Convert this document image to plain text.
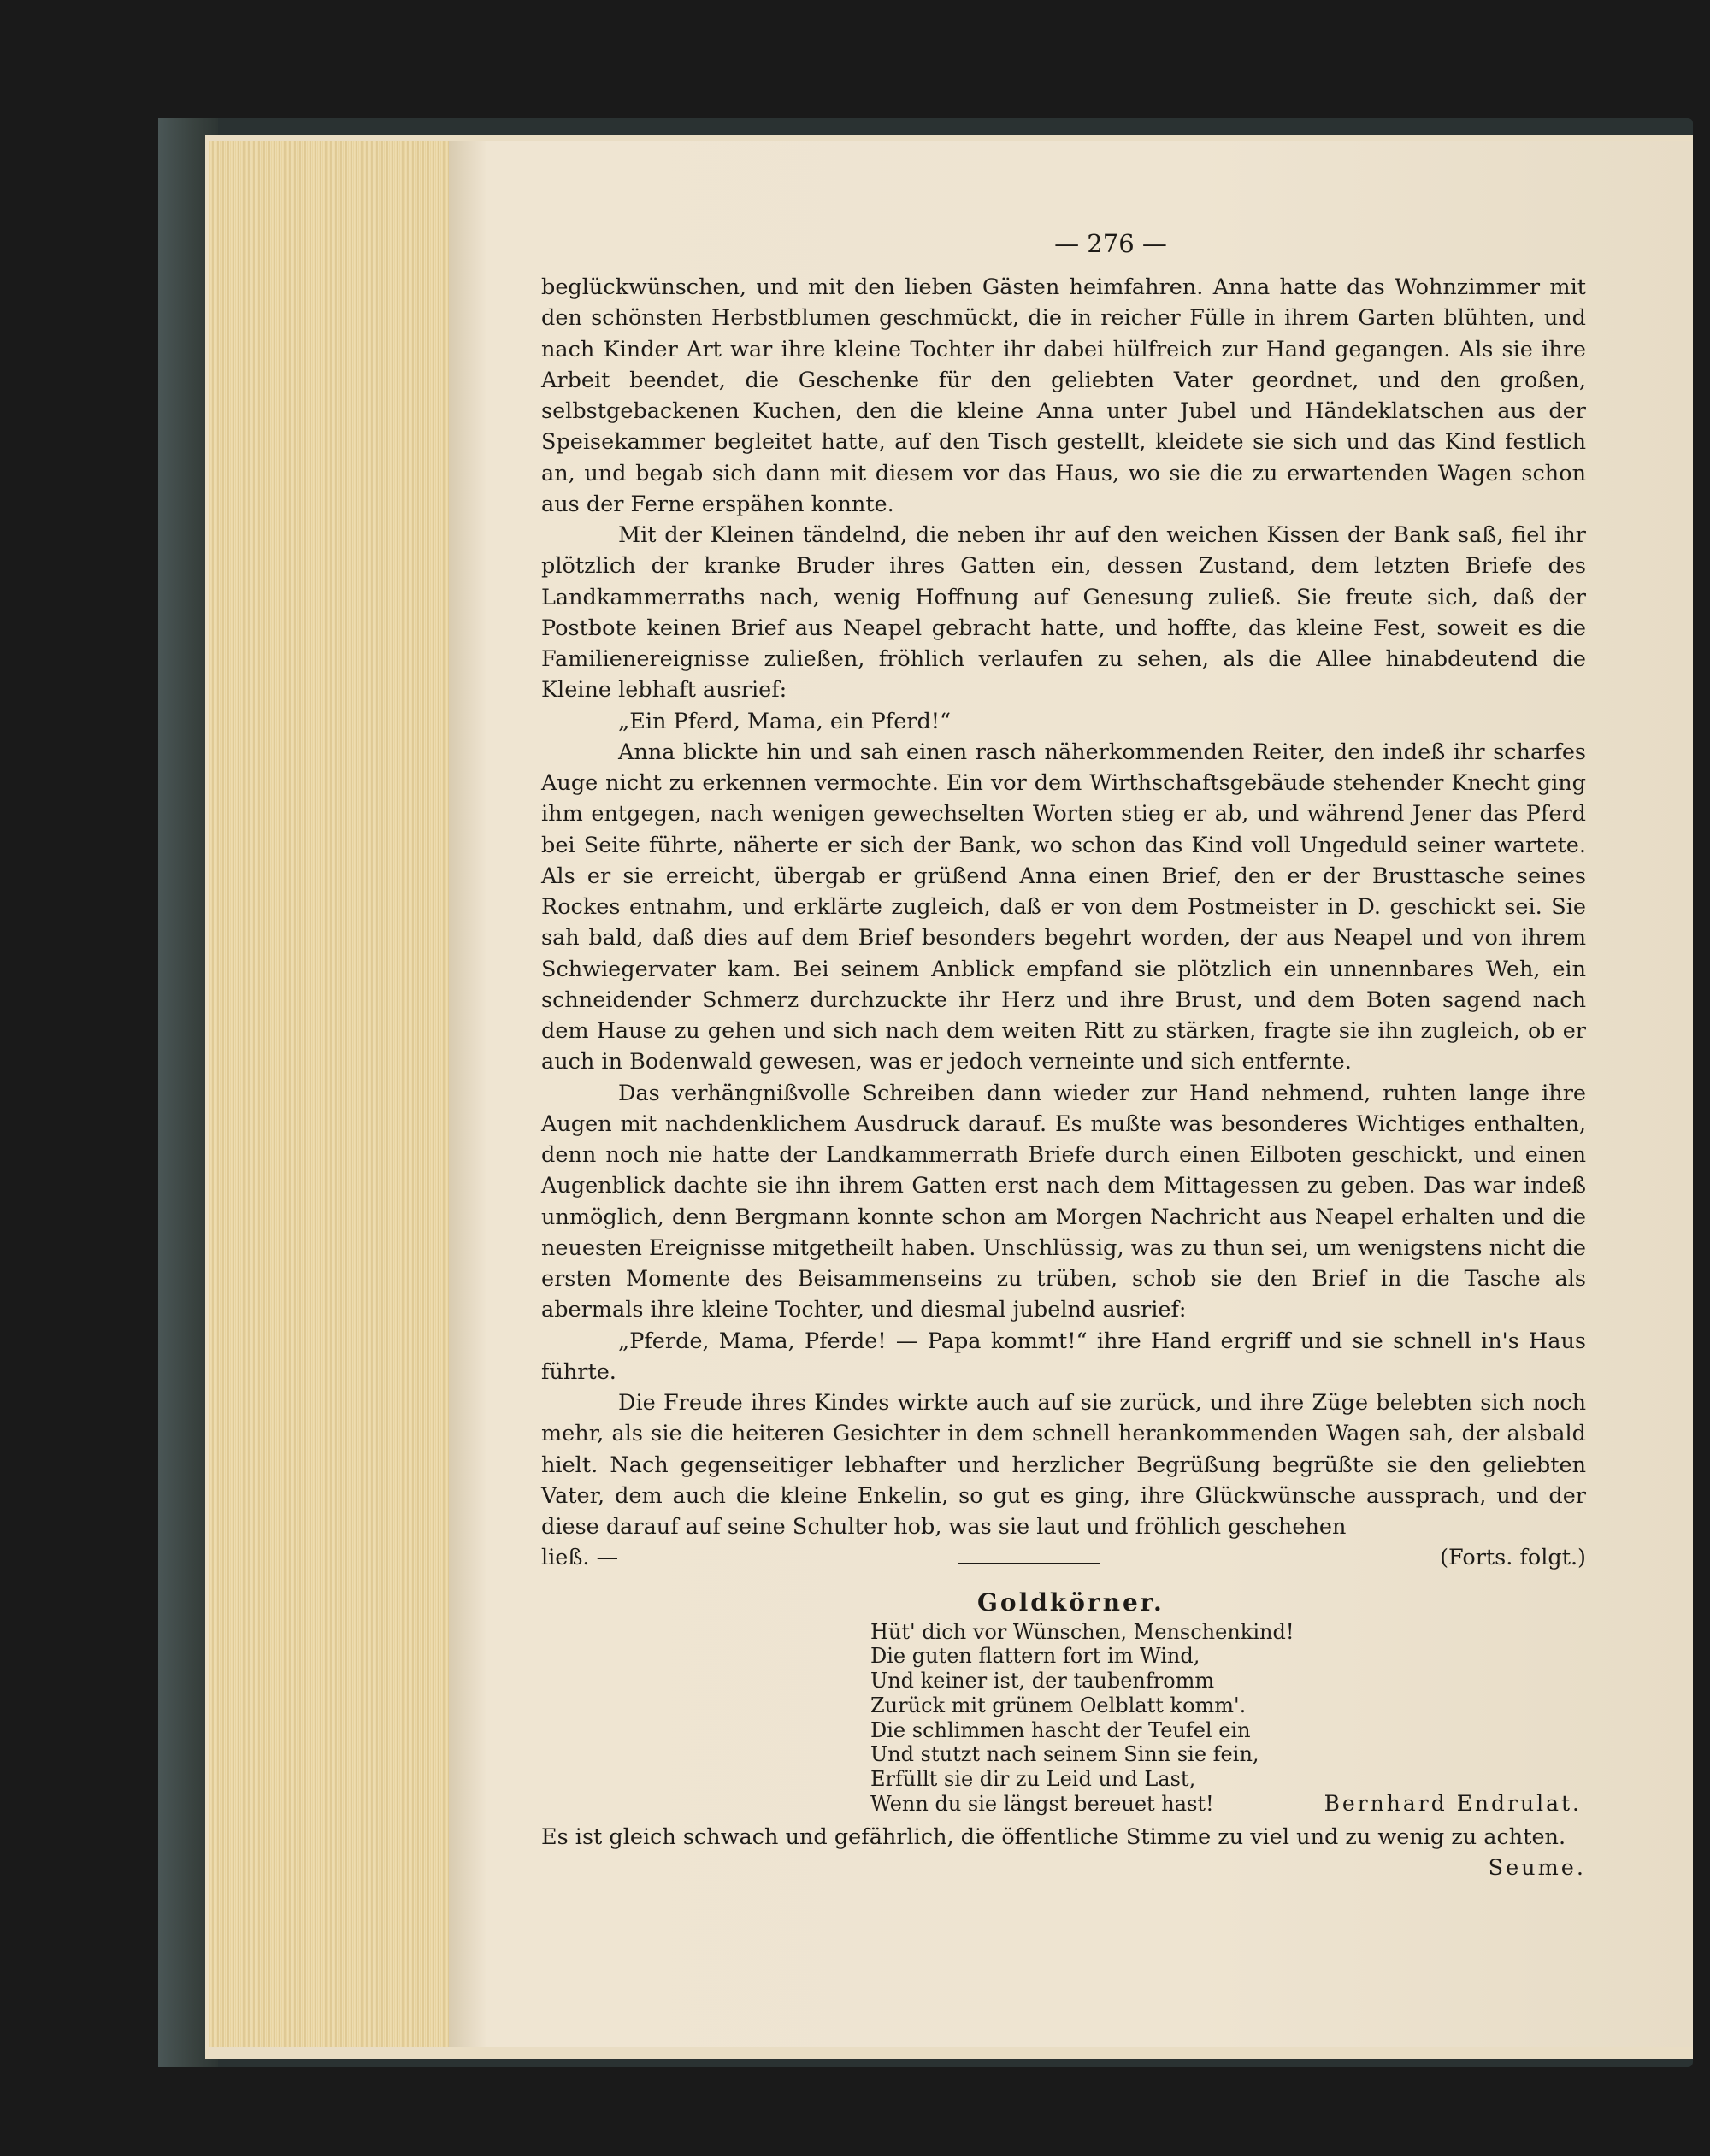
— 276 —

beglückwünschen, und mit den lieben Gästen heimfahren. Anna hatte das Wohnzimmer mit den schönsten Herbstblumen geschmückt, die in reicher Fülle in ihrem Garten blühten, und nach Kinder Art war ihre kleine Tochter ihr dabei hülfreich zur Hand gegangen. Als sie ihre Arbeit beendet, die Geschenke für den geliebten Vater geordnet, und den großen, selbstgebackenen Kuchen, den die kleine Anna unter Jubel und Händeklatschen aus der Speisekammer begleitet hatte, auf den Tisch gestellt, kleidete sie sich und das Kind festlich an, und begab sich dann mit diesem vor das Haus, wo sie die zu erwartenden Wagen schon aus der Ferne erspähen konnte.

Mit der Kleinen tändelnd, die neben ihr auf den weichen Kissen der Bank saß, fiel ihr plötzlich der kranke Bruder ihres Gatten ein, dessen Zustand, dem letzten Briefe des Landkammerraths nach, wenig Hoffnung auf Genesung zuließ. Sie freute sich, daß der Postbote keinen Brief aus Neapel gebracht hatte, und hoffte, das kleine Fest, soweit es die Familienereignisse zuließen, fröhlich verlaufen zu sehen, als die Allee hinabdeutend die Kleine lebhaft ausrief:

„Ein Pferd, Mama, ein Pferd!“

Anna blickte hin und sah einen rasch näherkommenden Reiter, den indeß ihr scharfes Auge nicht zu erkennen vermochte. Ein vor dem Wirthschaftsgebäude stehender Knecht ging ihm entgegen, nach wenigen gewechselten Worten stieg er ab, und während Jener das Pferd bei Seite führte, näherte er sich der Bank, wo schon das Kind voll Ungeduld seiner wartete. Als er sie erreicht, übergab er grüßend Anna einen Brief, den er der Brusttasche seines Rockes entnahm, und erklärte zugleich, daß er von dem Postmeister in D. geschickt sei. Sie sah bald, daß dies auf dem Brief besonders begehrt worden, der aus Neapel und von ihrem Schwiegervater kam. Bei seinem Anblick empfand sie plötzlich ein unnennbares Weh, ein schneidender Schmerz durchzuckte ihr Herz und ihre Brust, und dem Boten sagend nach dem Hause zu gehen und sich nach dem weiten Ritt zu stärken, fragte sie ihn zugleich, ob er auch in Bodenwald gewesen, was er jedoch verneinte und sich entfernte.

Das verhängnißvolle Schreiben dann wieder zur Hand nehmend, ruhten lange ihre Augen mit nachdenklichem Ausdruck darauf. Es mußte was besonderes Wichtiges enthalten, denn noch nie hatte der Landkammerrath Briefe durch einen Eilboten geschickt, und einen Augenblick dachte sie ihn ihrem Gatten erst nach dem Mittagessen zu geben. Das war indeß unmöglich, denn Bergmann konnte schon am Morgen Nachricht aus Neapel erhalten und die neuesten Ereignisse mitgetheilt haben. Unschlüssig, was zu thun sei, um wenigstens nicht die ersten Momente des Beisammenseins zu trüben, schob sie den Brief in die Tasche als abermals ihre kleine Tochter, und diesmal jubelnd ausrief:

„Pferde, Mama, Pferde! — Papa kommt!“ ihre Hand ergriff und sie schnell in's Haus führte.

Die Freude ihres Kindes wirkte auch auf sie zurück, und ihre Züge belebten sich noch mehr, als sie die heiteren Gesichter in dem schnell herankommenden Wagen sah, der alsbald hielt. Nach gegenseitiger lebhafter und herzlicher Begrüßung begrüßte sie den geliebten Vater, dem auch die kleine Enkelin, so gut es ging, ihre Glückwünsche aussprach, und der diese darauf auf seine Schulter hob, was sie laut und fröhlich geschehen

ließ. —	(Forts. folgt.)
Goldkörner.
Hüt' dich vor Wünschen, Menschenkind!
Die guten flattern fort im Wind,
Und keiner ist, der taubenfromm
Zurück mit grünem Oelblatt komm'.
Die schlimmen hascht der Teufel ein
Und stutzt nach seinem Sinn sie fein,
Erfüllt sie dir zu Leid und Last,
Wenn du sie längst bereuet hast!	Bernhard Endrulat.

Es ist gleich schwach und gefährlich, die öffentliche Stimme zu viel und zu wenig zu achten.

Seume.
